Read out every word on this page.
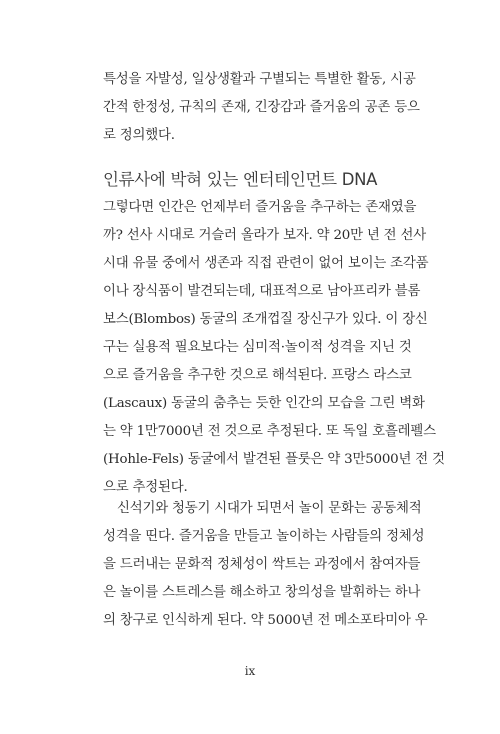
특성을 자발성, 일상생활과 구별되는 특별한 활동, 시공
간적 한정성, 규칙의 존재, 긴장감과 즐거움의 공존 등으
로 정의했다.
인류사에 박혀 있는 엔터테인먼트 DNA
그렇다면 인간은 언제부터 즐거움을 추구하는 존재였을
까? 선사 시대로 거슬러 올라가 보자. 약 20만 년 전 선사
시대 유물 중에서 생존과 직접 관련이 없어 보이는 조각품
이나 장식품이 발견되는데, 대표적으로 남아프리카 블롬
보스(Blombos) 동굴의 조개껍질 장신구가 있다. 이 장신
구는 실용적 필요보다는 심미적·놀이적 성격을 지닌 것
으로 즐거움을 추구한 것으로 해석된다. 프랑스 라스코
(Lascaux) 동굴의 춤추는 듯한 인간의 모습을 그린 벽화
는 약 1만7000년 전 것으로 추정된다. 또 독일 호흘레펠스
(Hohle-Fels) 동굴에서 발견된 플룻은 약 3만5000년 전 것
으로 추정된다.
신석기와 청동기 시대가 되면서 놀이 문화는 공동체적
성격을 띤다. 즐거움을 만들고 놀이하는 사람들의 정체성
을 드러내는 문화적 정체성이 싹트는 과정에서 참여자들
은 놀이를 스트레스를 해소하고 창의성을 발휘하는 하나
의 창구로 인식하게 된다. 약 5000년 전 메소포타미아 우
ix
